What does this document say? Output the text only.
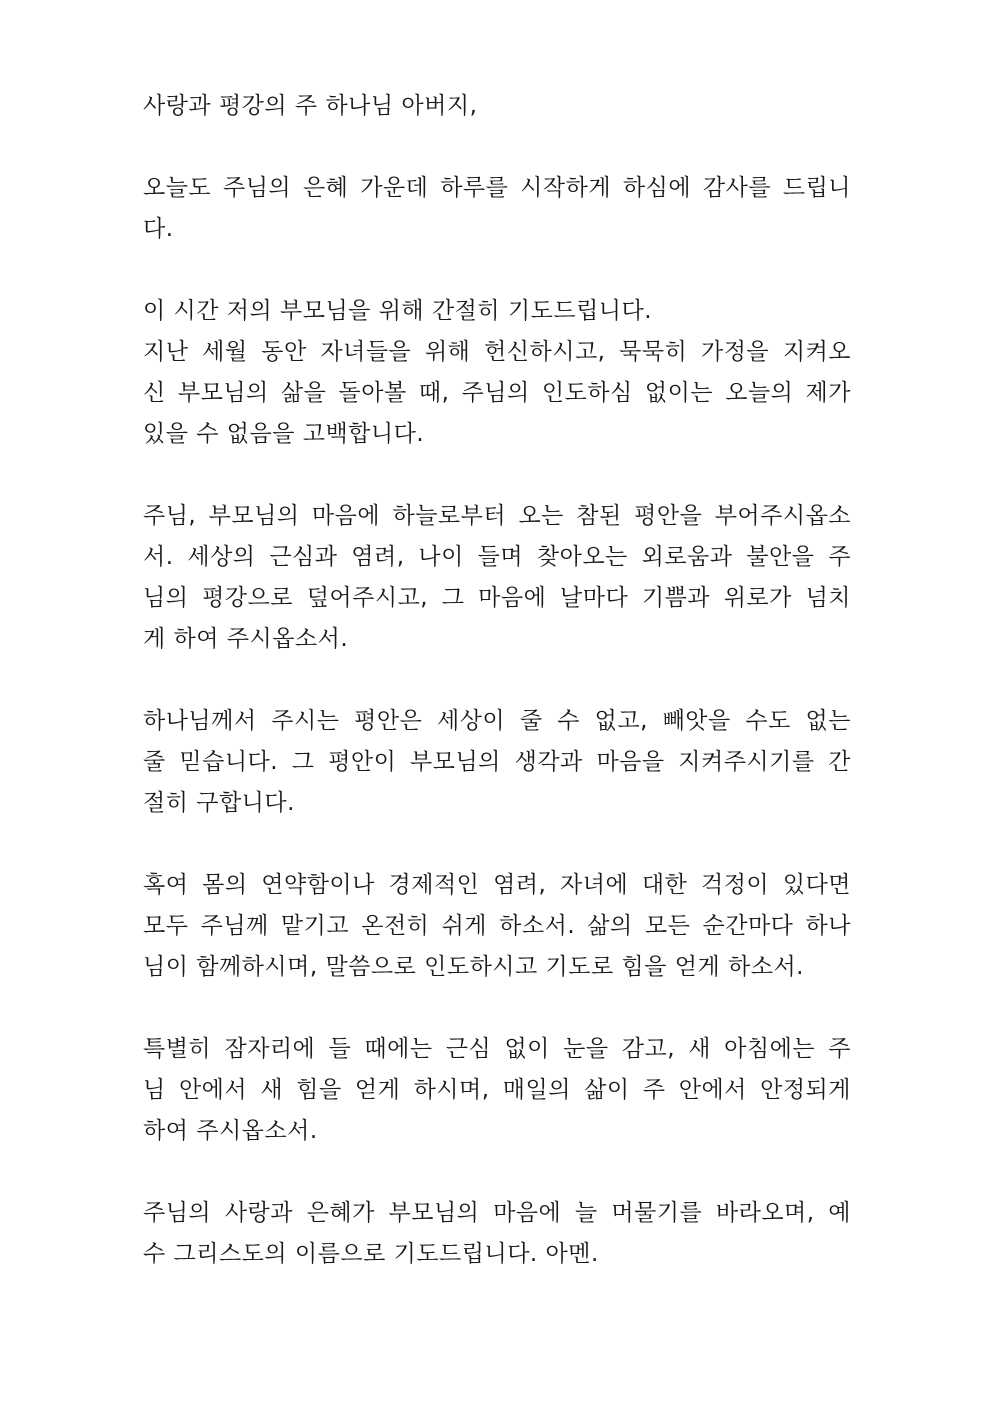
사랑과 평강의 주 하나님 아버지,
오늘도 주님의 은혜 가운데 하루를 시작하게 하심에 감사를 드립니
다.
이 시간 저의 부모님을 위해 간절히 기도드립니다.
지난 세월 동안 자녀들을 위해 헌신하시고, 묵묵히 가정을 지켜오
신 부모님의 삶을 돌아볼 때, 주님의 인도하심 없이는 오늘의 제가
있을 수 없음을 고백합니다.
주님, 부모님의 마음에 하늘로부터 오는 참된 평안을 부어주시옵소
서. 세상의 근심과 염려, 나이 들며 찾아오는 외로움과 불안을 주
님의 평강으로 덮어주시고, 그 마음에 날마다 기쁨과 위로가 넘치
게 하여 주시옵소서.
하나님께서 주시는 평안은 세상이 줄 수 없고, 빼앗을 수도 없는
줄 믿습니다. 그 평안이 부모님의 생각과 마음을 지켜주시기를 간
절히 구합니다.
혹여 몸의 연약함이나 경제적인 염려, 자녀에 대한 걱정이 있다면
모두 주님께 맡기고 온전히 쉬게 하소서. 삶의 모든 순간마다 하나
님이 함께하시며, 말씀으로 인도하시고 기도로 힘을 얻게 하소서.
특별히 잠자리에 들 때에는 근심 없이 눈을 감고, 새 아침에는 주
님 안에서 새 힘을 얻게 하시며, 매일의 삶이 주 안에서 안정되게
하여 주시옵소서.
주님의 사랑과 은혜가 부모님의 마음에 늘 머물기를 바라오며, 예
수 그리스도의 이름으로 기도드립니다. 아멘.
